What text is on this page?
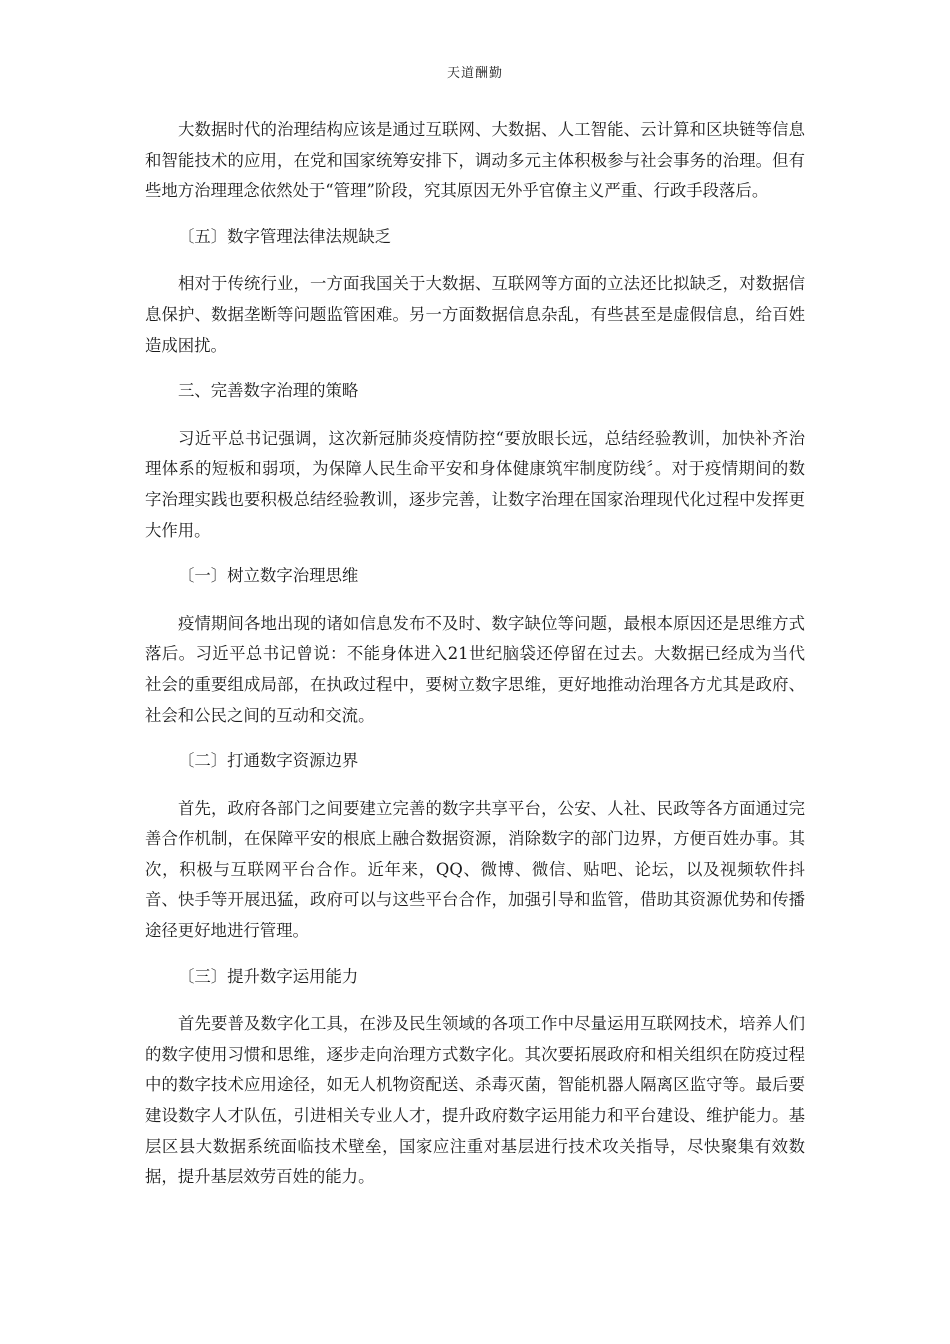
天道酬勤

大数据时代的治理结构应该是通过互联网、大数据、人工智能、云计算和区块链等信息和智能技术的应用，在党和国家统筹安排下，调动多元主体积极参与社会事务的治理。但有些地方治理理念依然处于“管理”阶段，究其原因无外乎官僚主义严重、行政手段落后。

〔五〕数字管理法律法规缺乏

相对于传统行业，一方面我国关于大数据、互联网等方面的立法还比拟缺乏，对数据信息保护、数据垄断等问题监管困难。另一方面数据信息杂乱，有些甚至是虚假信息，给百姓造成困扰。

三、完善数字治理的策略

习近平总书记强调，这次新冠肺炎疫情防控“要放眼长远，总结经验教训，加快补齐治理体系的短板和弱项，为保障人民生命平安和身体健康筑牢制度防线〞。对于疫情期间的数字治理实践也要积极总结经验教训，逐步完善，让数字治理在国家治理现代化过程中发挥更大作用。

〔一〕树立数字治理思维

疫情期间各地出现的诸如信息发布不及时、数字缺位等问题，最根本原因还是思维方式落后。习近平总书记曾说：不能身体进入21世纪脑袋还停留在过去。大数据已经成为当代社会的重要组成局部，在执政过程中，要树立数字思维，更好地推动治理各方尤其是政府、社会和公民之间的互动和交流。

〔二〕打通数字资源边界

首先，政府各部门之间要建立完善的数字共享平台，公安、人社、民政等各方面通过完善合作机制，在保障平安的根底上融合数据资源，消除数字的部门边界，方便百姓办事。其次，积极与互联网平台合作。近年来，QQ、微博、微信、贴吧、论坛，以及视频软件抖音、快手等开展迅猛，政府可以与这些平台合作，加强引导和监管，借助其资源优势和传播途径更好地进行管理。

〔三〕提升数字运用能力

首先要普及数字化工具，在涉及民生领域的各项工作中尽量运用互联网技术，培养人们的数字使用习惯和思维，逐步走向治理方式数字化。其次要拓展政府和相关组织在防疫过程中的数字技术应用途径，如无人机物资配送、杀毒灭菌，智能机器人隔离区监守等。最后要建设数字人才队伍，引进相关专业人才，提升政府数字运用能力和平台建设、维护能力。基层区县大数据系统面临技术壁垒，国家应注重对基层进行技术攻关指导，尽快聚集有效数据，提升基层效劳百姓的能力。
